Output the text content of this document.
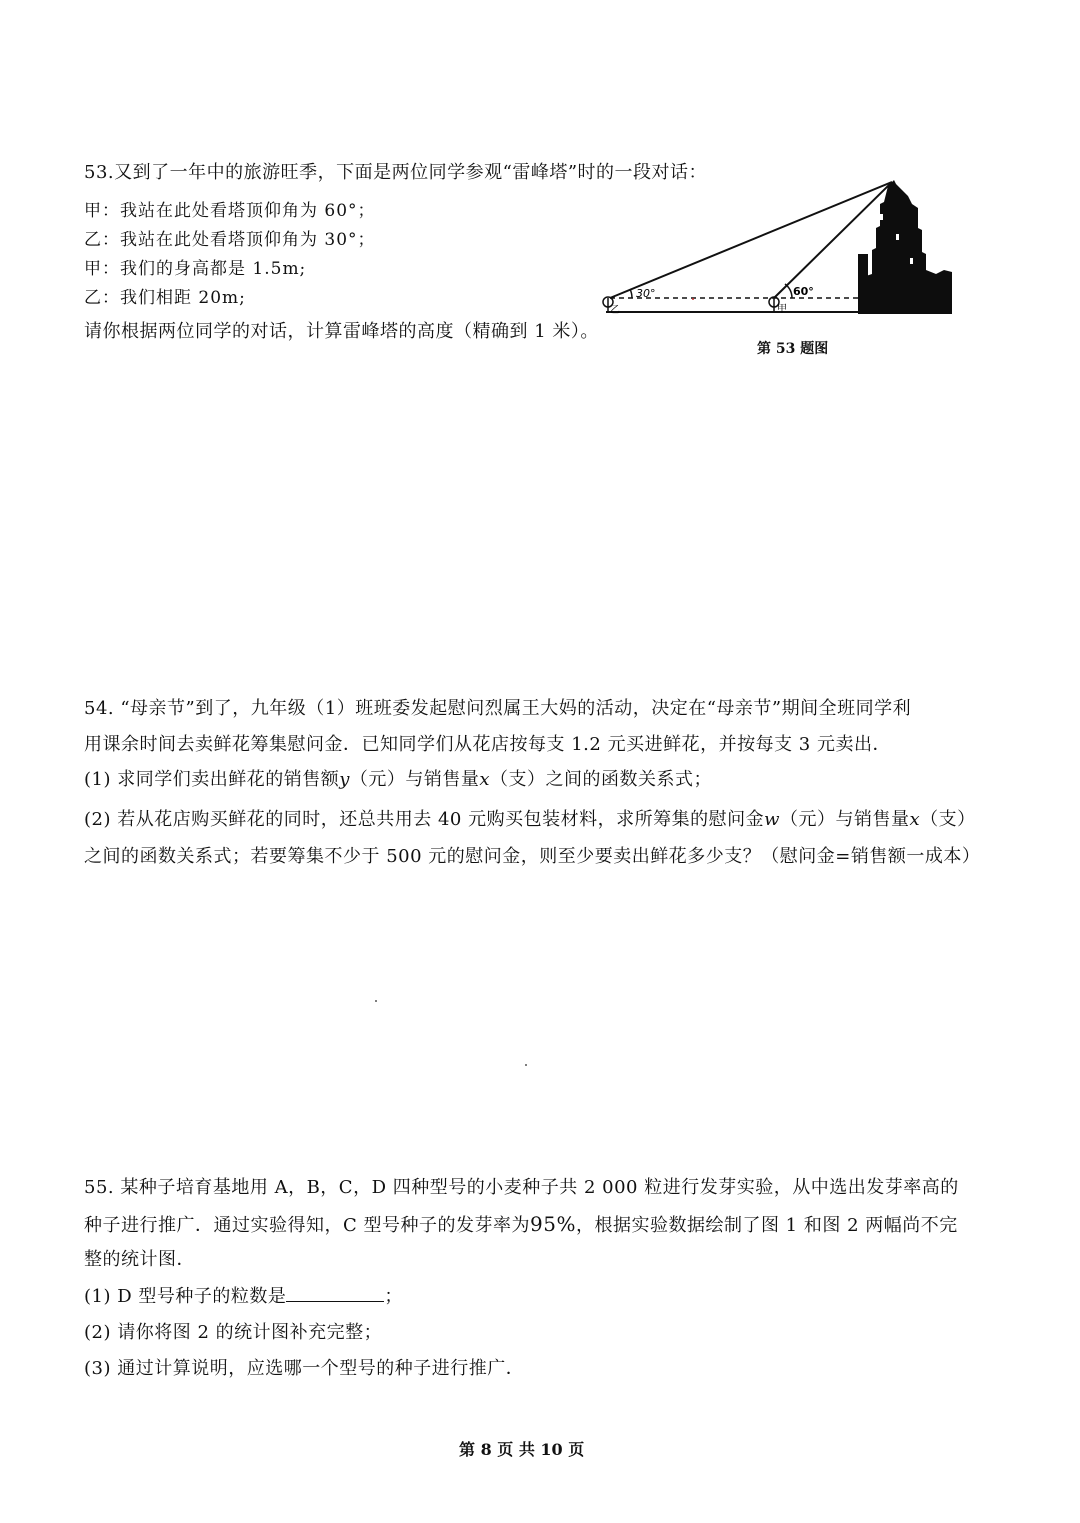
53.又到了一年中的旅游旺季，下面是两位同学参观“雷峰塔”时的一段对话：
甲：我站在此处看塔顶仰角为 60°；
乙：我站在此处看塔顶仰角为 30°；
甲：我们的身高都是 1.5m;
乙：我们相距 20m;
请你根据两位同学的对话，计算雷峰塔的高度（精确到 1 米）。
30°	60°
乙	甲
第 53 题图
54. “母亲节”到了，九年级（1）班班委发起慰问烈属王大妈的活动，决定在“母亲节”期间全班同学利
用课余时间去卖鲜花筹集慰问金．已知同学们从花店按每支 1.2 元买进鲜花，并按每支 3 元卖出．
(1) 求同学们卖出鲜花的销售额y（元）与销售量x（支）之间的函数关系式；
(2) 若从花店购买鲜花的同时，还总共用去 40 元购买包装材料，求所筹集的慰问金w（元）与销售量x（支）
之间的函数关系式；若要筹集不少于 500 元的慰问金，则至少要卖出鲜花多少支？（慰问金=销售额一成本）
55. 某种子培育基地用 A，B，C，D 四种型号的小麦种子共 2 000 粒进行发芽实验，从中选出发芽率高的
种子进行推广．通过实验得知，C 型号种子的发芽率为95%，根据实验数据绘制了图 1 和图 2 两幅尚不完
整的统计图．
(1) D 型号种子的粒数是	；
(2) 请你将图 2 的统计图补充完整；
(3) 通过计算说明，应选哪一个型号的种子进行推广．
第 8 页 共 10 页
